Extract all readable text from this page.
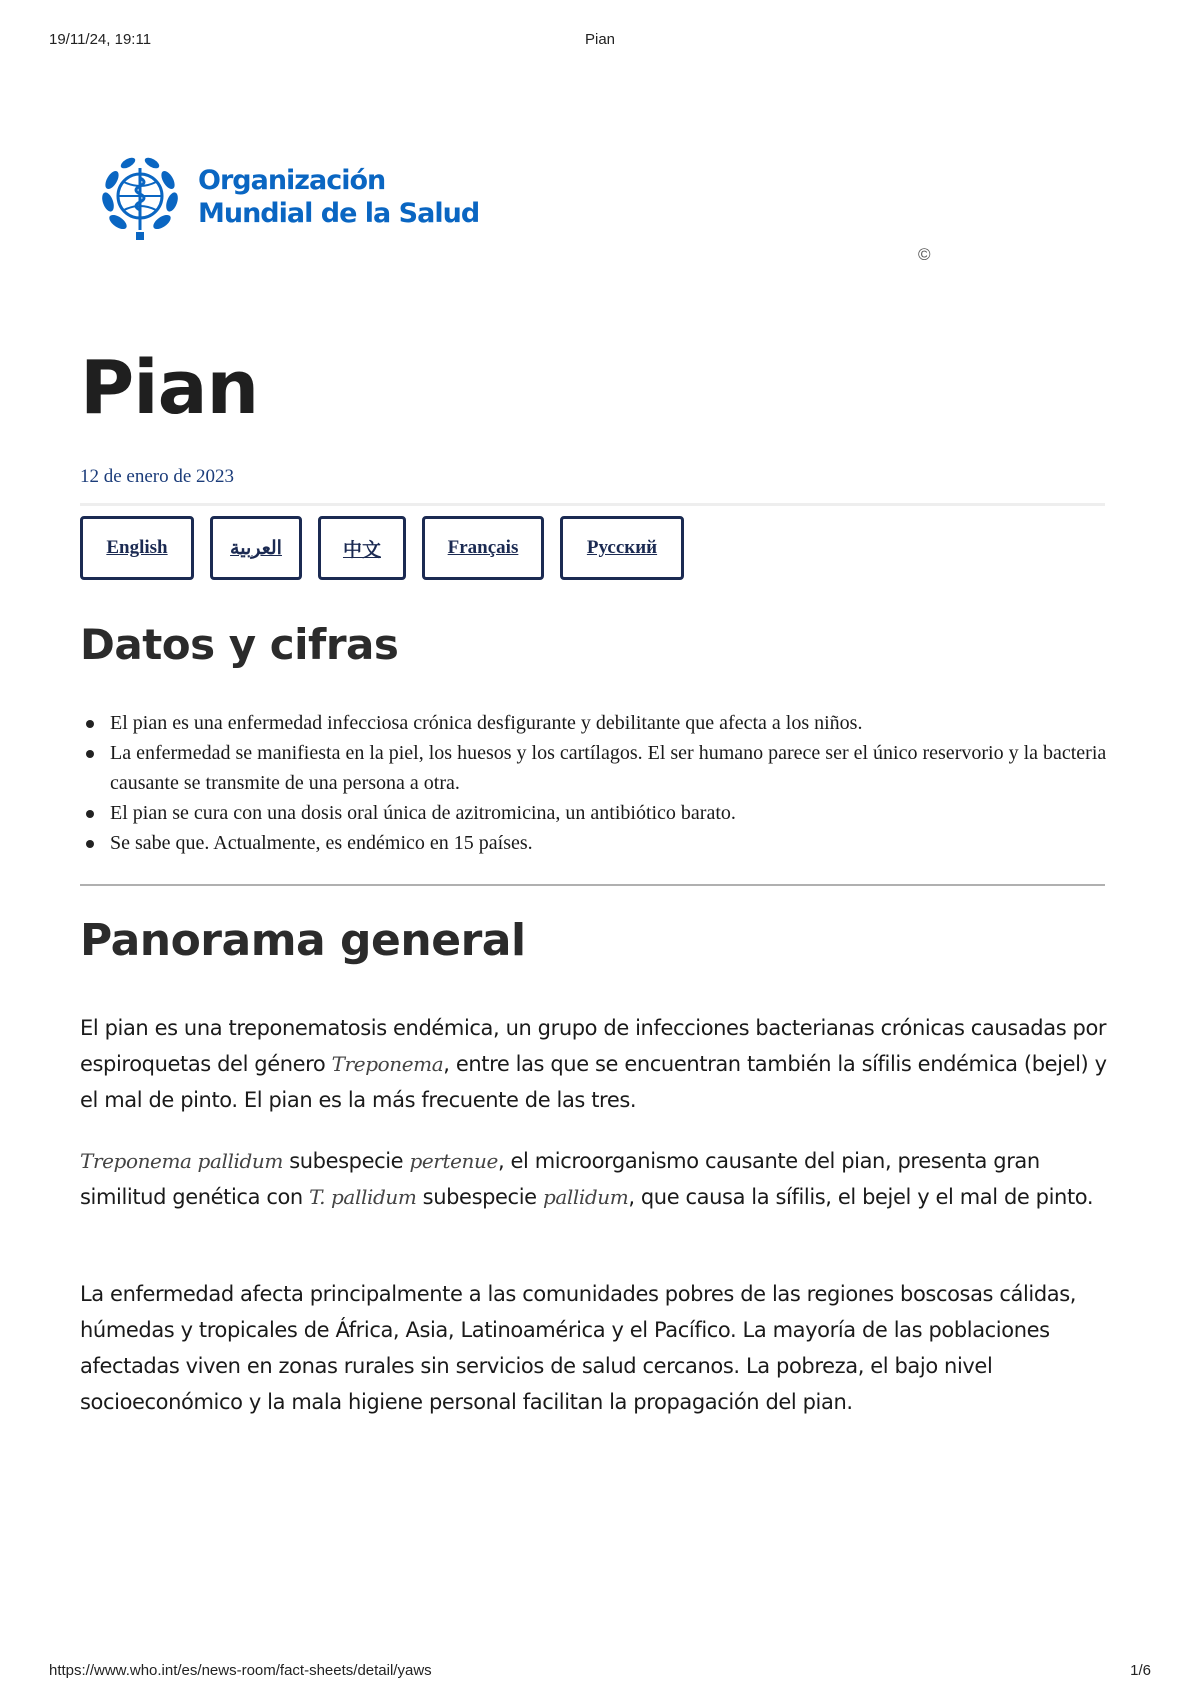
19/11/24, 19:11	Pian
Organización
Mundial de la Salud
©
Pian
12 de enero de 2023
English	العربية	中文	Français	Русский
Datos y cifras
El pian es una enfermedad infecciosa crónica desfigurante y debilitante que afecta a los niños.
La enfermedad se manifiesta en la piel, los huesos y los cartílagos. El ser humano parece ser el único reservorio y la bacteria causante se transmite de una persona a otra.
El pian se cura con una dosis oral única de azitromicina, un antibiótico barato.
Se sabe que. Actualmente, es endémico en 15 países.
Panorama general

El pian es una treponematosis endémica, un grupo de infecciones bacterianas crónicas causadas por espiroquetas del género Treponema, entre las que se encuentran también la sífilis endémica (bejel) y el mal de pinto. El pian es la más frecuente de las tres.

Treponema pallidum subespecie pertenue, el microorganismo causante del pian, presenta gran similitud genética con T. pallidum subespecie pallidum, que causa la sífilis, el bejel y el mal de pinto.

La enfermedad afecta principalmente a las comunidades pobres de las regiones boscosas cálidas, húmedas y tropicales de África, Asia, Latinoamérica y el Pacífico. La mayoría de las poblaciones afectadas viven en zonas rurales sin servicios de salud cercanos. La pobreza, el bajo nivel socioeconómico y la mala higiene personal facilitan la propagación del pian.

https://www.who.int/es/news-room/fact-sheets/detail/yaws	1/6
